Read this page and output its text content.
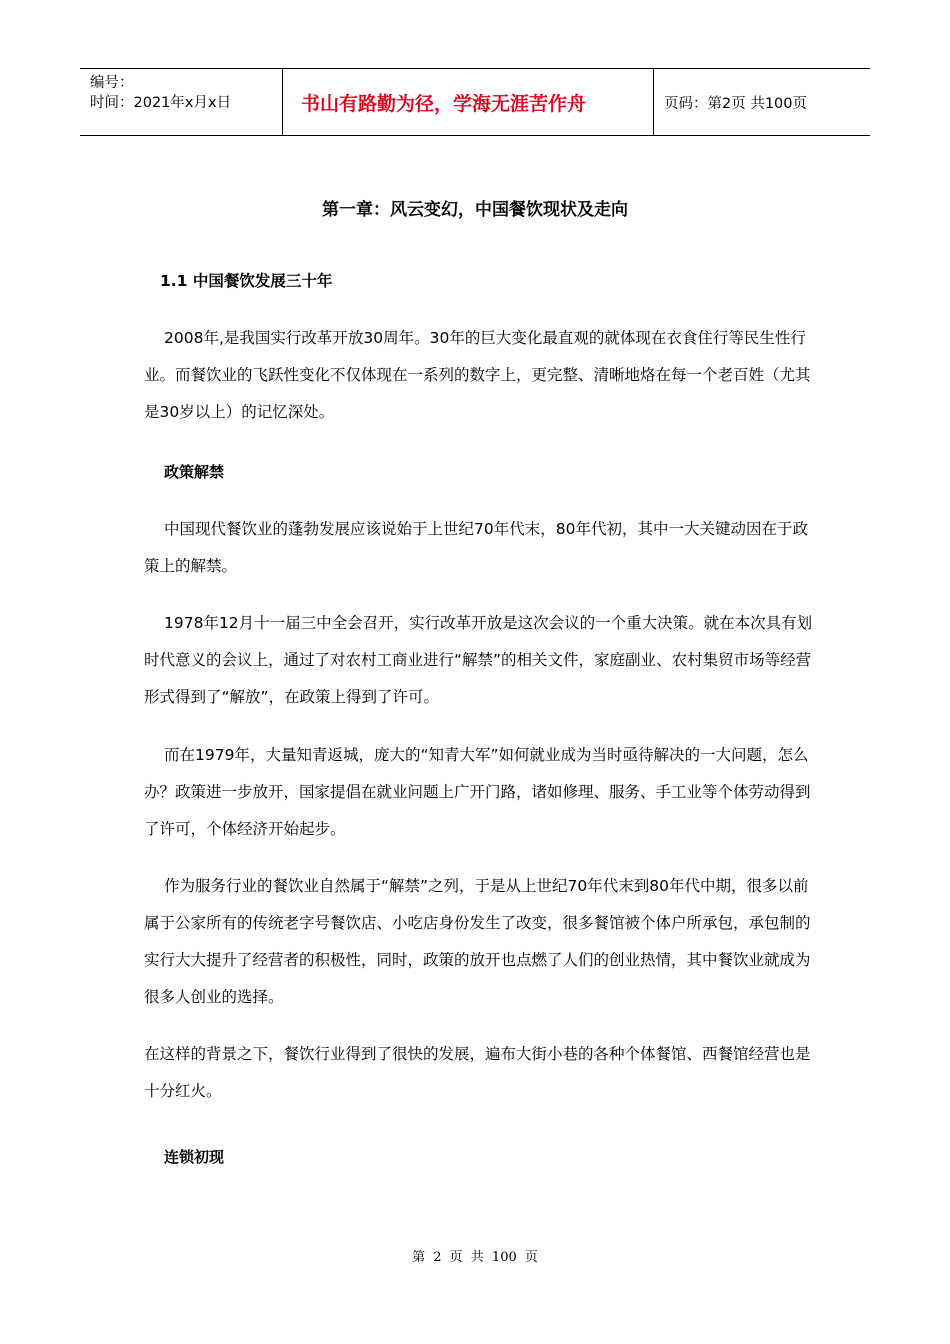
编号：
时间：2021年x月x日	书山有路勤为径，学海无涯苦作舟	页码：第2页 共100页
第一章：风云变幻，中国餐饮现状及走向
1.1 中国餐饮发展三十年

2008年,是我国实行改革开放30周年。30年的巨大变化最直观的就体现在衣食住行等民生性行业。而餐饮业的飞跃性变化不仅体现在一系列的数字上，更完整、清晰地烙在每一个老百姓（尤其是30岁以上）的记忆深处。

政策解禁

中国现代餐饮业的蓬勃发展应该说始于上世纪70年代末，80年代初，其中一大关键动因在于政策上的解禁。

1978年12月十一届三中全会召开，实行改革开放是这次会议的一个重大决策。就在本次具有划时代意义的会议上，通过了对农村工商业进行“解禁”的相关文件，家庭副业、农村集贸市场等经营形式得到了“解放”，在政策上得到了许可。

而在1979年，大量知青返城，庞大的“知青大军”如何就业成为当时亟待解决的一大问题，怎么办？政策进一步放开，国家提倡在就业问题上广开门路，诸如修理、服务、手工业等个体劳动得到了许可，个体经济开始起步。

作为服务行业的餐饮业自然属于“解禁”之列，于是从上世纪70年代末到80年代中期，很多以前属于公家所有的传统老字号餐饮店、小吃店身份发生了改变，很多餐馆被个体户所承包，承包制的实行大大提升了经营者的积极性，同时，政策的放开也点燃了人们的创业热情，其中餐饮业就成为很多人创业的选择。

在这样的背景之下，餐饮行业得到了很快的发展，遍布大街小巷的各种个体餐馆、西餐馆经营也是十分红火。

连锁初现
第 2 页 共 100 页
